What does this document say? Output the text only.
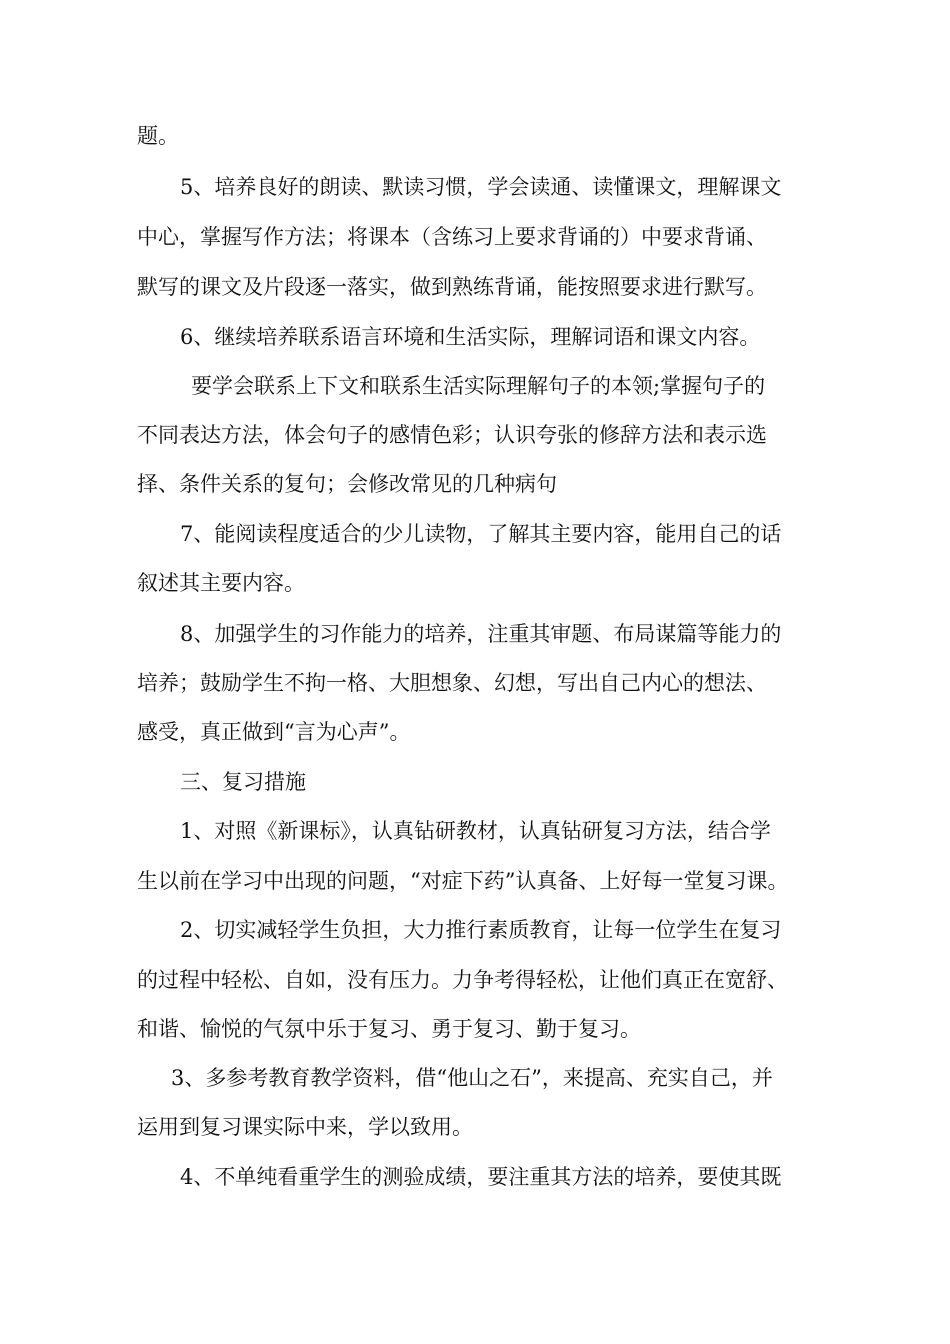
题。
5、培养良好的朗读、默读习惯，学会读通、读懂课文，理解课文
中心，掌握写作方法；将课本（含练习上要求背诵的）中要求背诵、
默写的课文及片段逐一落实，做到熟练背诵，能按照要求进行默写。
6、继续培养联系语言环境和生活实际，理解词语和课文内容。
要学会联系上下文和联系生活实际理解句子的本领;掌握句子的
不同表达方法，体会句子的感情色彩；认识夸张的修辞方法和表示选
择、条件关系的复句；会修改常见的几种病句
7、能阅读程度适合的少儿读物，了解其主要内容，能用自己的话
叙述其主要内容。
8、加强学生的习作能力的培养，注重其审题、布局谋篇等能力的
培养；鼓励学生不拘一格、大胆想象、幻想，写出自己内心的想法、
感受，真正做到“言为心声”。
三、复习措施
1、对照《新课标》，认真钻研教材，认真钻研复习方法，结合学
生以前在学习中出现的问题，“对症下药”认真备、上好每一堂复习课。
2、切实减轻学生负担，大力推行素质教育，让每一位学生在复习
的过程中轻松、自如，没有压力。力争考得轻松，让他们真正在宽舒、
和谐、愉悦的气氛中乐于复习、勇于复习、勤于复习。
3、多参考教育教学资料，借“他山之石”，来提高、充实自己，并
运用到复习课实际中来，学以致用。
4、不单纯看重学生的测验成绩，要注重其方法的培养，要使其既
